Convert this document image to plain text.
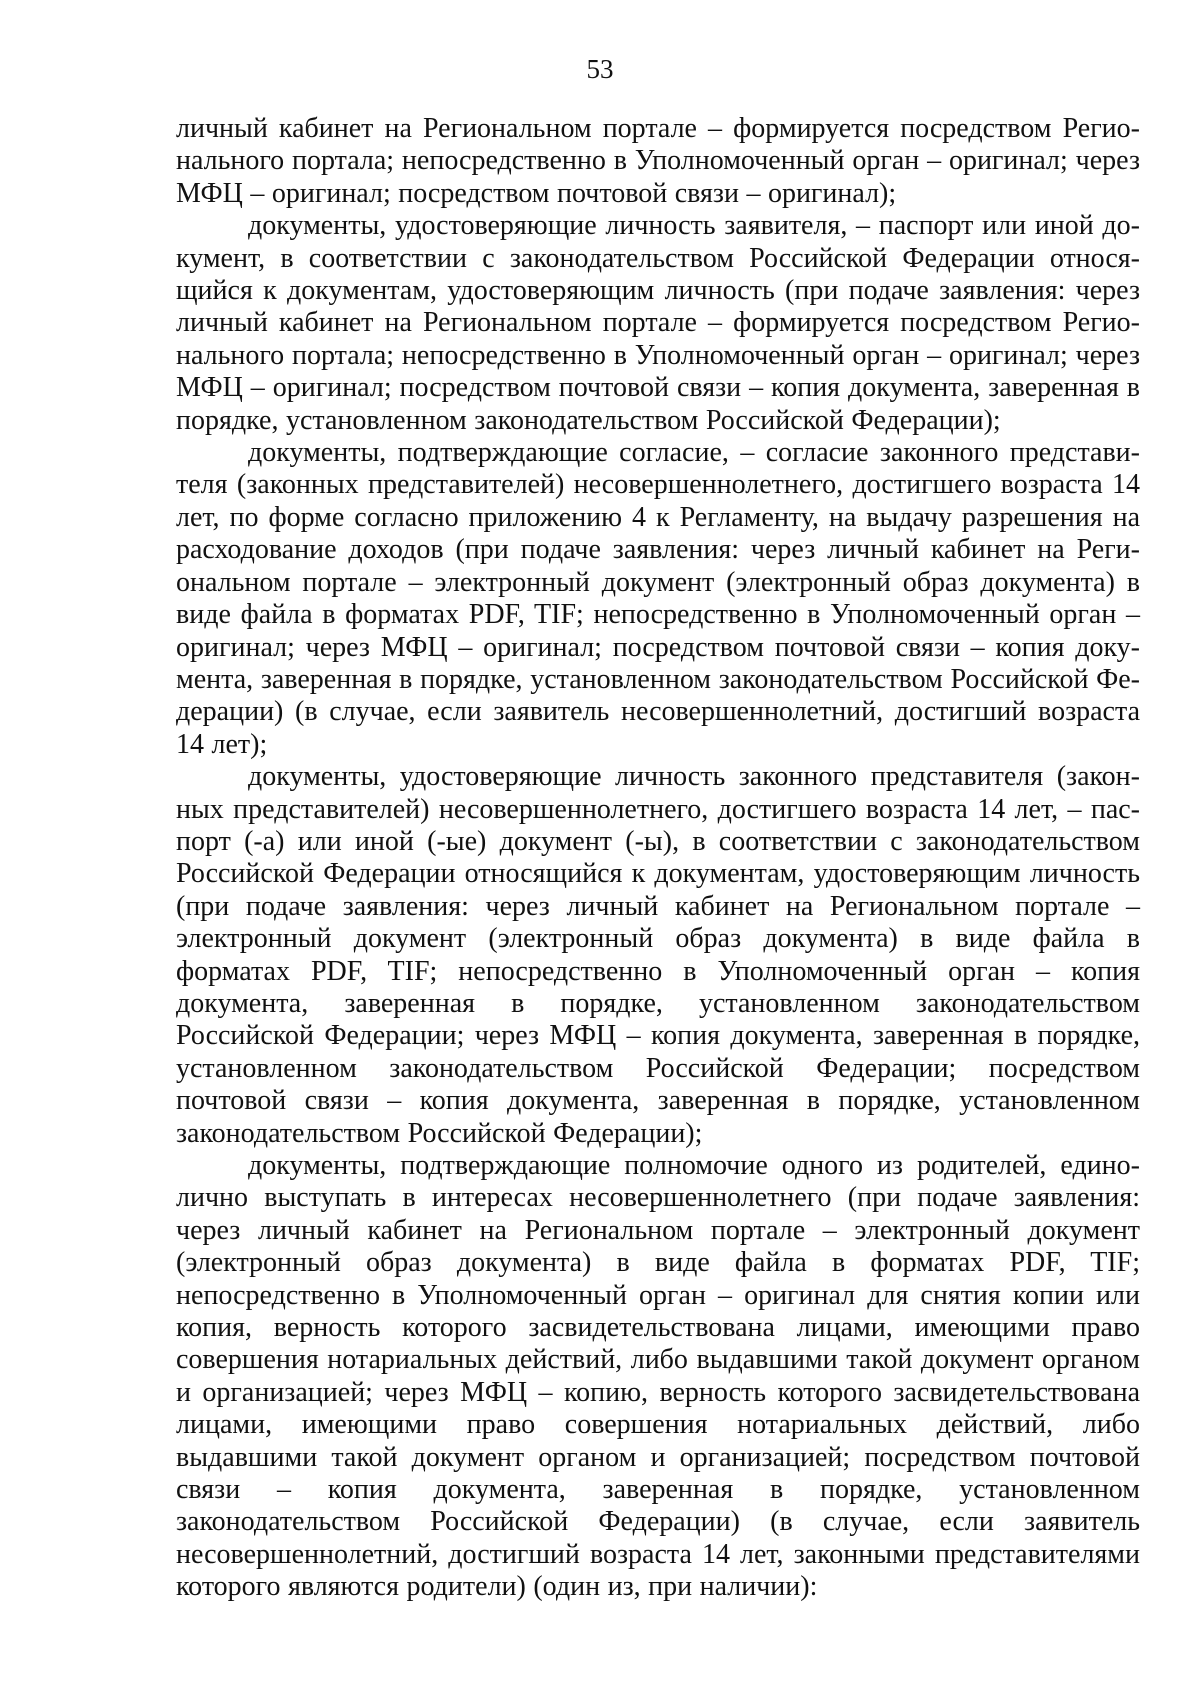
53

личный кабинет на Региональном портале – формируется посредством Регионального портала; непосредственно в Уполномоченный орган – оригинал; через МФЦ – оригинал; посредством почтовой связи – оригинал);

документы, удостоверяющие личность заявителя, – паспорт или иной документ, в соответствии с законодательством Российской Федерации относящийся к документам, удостоверяющим личность (при подаче заявления: через личный кабинет на Региональном портале – формируется посредством Регионального портала; непосредственно в Уполномоченный орган – оригинал; через МФЦ – оригинал; посредством почтовой связи – копия документа, заверенная в порядке, установленном законодательством Российской Федерации);

документы, подтверждающие согласие, – согласие законного представителя (законных представителей) несовершеннолетнего, достигшего возраста 14 лет, по форме согласно приложению 4 к Регламенту, на выдачу разрешения на расходование доходов (при подаче заявления: через личный кабинет на Региональном портале – электронный документ (электронный образ документа) в виде файла в форматах PDF, TIF; непосредственно в Уполномоченный орган – оригинал; через МФЦ – оригинал; посредством почтовой связи – копия документа, заверенная в порядке, установленном законодательством Российской Федерации) (в случае, если заявитель несовершеннолетний, достигший возраста 14 лет);

документы, удостоверяющие личность законного представителя (законных представителей) несовершеннолетнего, достигшего возраста 14 лет, – паспорт (-а) или иной (-ые) документ (-ы), в соответствии с законодательством Российской Федерации относящийся к документам, удостоверяющим личность (при подаче заявления: через личный кабинет на Региональном портале – электронный документ (электронный образ документа) в виде файла в форматах PDF, TIF; непосредственно в Уполномоченный орган – копия документа, заверенная в порядке, установленном законодательством Российской Федерации; через МФЦ – копия документа, заверенная в порядке, установленном законодательством Российской Федерации; посредством почтовой связи – копия документа, заверенная в порядке, установленном законодательством Российской Федерации);

документы, подтверждающие полномочие одного из родителей, единолично выступать в интересах несовершеннолетнего (при подаче заявления: через личный кабинет на Региональном портале – электронный документ (электронный образ документа) в виде файла в форматах PDF, TIF; непосредственно в Уполномоченный орган – оригинал для снятия копии или копия, верность которого засвидетельствована лицами, имеющими право совершения нотариальных действий, либо выдавшими такой документ органом и организацией; через МФЦ – копию, верность которого засвидетельствована лицами, имеющими право совершения нотариальных действий, либо выдавшими такой документ органом и организацией; посредством почтовой связи – копия документа, заверенная в порядке, установленном законодательством Российской Федерации) (в случае, если заявитель несовершеннолетний, достигший возраста 14 лет, законными представителями которого являются родители) (один из, при наличии):
